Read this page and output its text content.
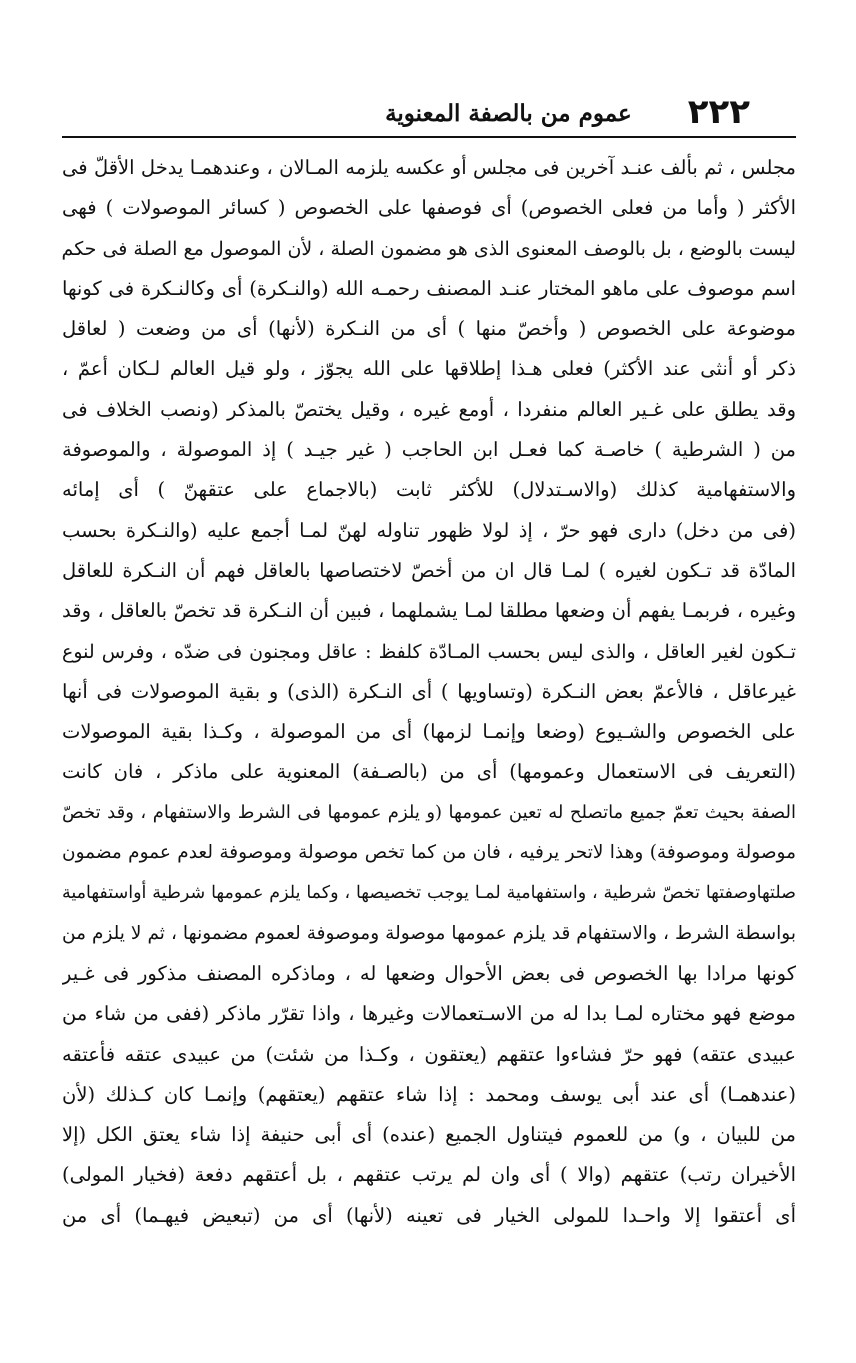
٢٢٢
عموم من بالصفة المعنوية
مجلس ، ثم بألف عنـد آخرين فى مجلس أو عكسه يلزمه المـالان ، وعندهمـا يدخل الأقلّ فى
الأكثر ( وأما من فعلى الخصوص) أى فوصفها على الخصوص ( كسائر الموصولات ) فهى
ليست بالوضع ، بل بالوصف المعنوى الذى هو مضمون الصلة ، لأن الموصول مع الصلة فى حكم
اسم موصوف على ماهو المختار عنـد المصنف رحمـه الله (والنـكرة) أى وكالنـكرة فى كونها
موضوعة على الخصوص ( وأخصّ منها ) أى من النـكرة (لأنها) أى من وضعت ( لعاقل
ذكر أو أنثى عند الأكثر) فعلى هـذا إطلاقها على الله يجوّز ، ولو قيل العالم لـكان أعمّ ،
وقد يطلق على غـير العالم منفردا ، أومع غيره ، وقيل يختصّ بالمذكر (ونصب الخلاف فى
من ( الشرطية ) خاصـة كما فعـل ابن الحاجب ( غير جيـد ) إذ الموصولة ، والموصوفة
والاستفهامية كذلك (والاسـتدلال) للأكثر ثابت (بالاجماع على عتقهنّ ) أى إمائه
(فى من دخل) دارى فهو حرّ ، إذ لولا ظهور تناوله لهنّ لمـا أجمع عليه (والنـكرة بحسب
المادّة قد تـكون لغيره ) لمـا قال ان من أخصّ لاختصاصها بالعاقل فهم أن النـكرة للعاقل
وغيره ، فربمـا يفهم أن وضعها مطلقا لمـا يشملهما ، فبين أن النـكرة قد تخصّ بالعاقل ، وقد
تـكون لغير العاقل ، والذى ليس بحسب المـادّة كلفظ : عاقل ومجنون فى ضدّه ، وفرس لنوع
غيرعاقل ، فالأعمّ بعض النـكرة (وتساويها ) أى النـكرة (الذى) و بقية الموصولات فى أنها
على الخصوص والشـيوع (وضعا وإنمـا لزمها) أى من الموصولة ، وكـذا بقية الموصولات
(التعريف فى الاستعمال وعمومها) أى من (بالصـفة) المعنوية على ماذكر ، فان كانت
الصفة بحيث تعمّ جميع ماتصلح له تعين عمومها (و يلزم عمومها فى الشرط والاستفهام ، وقد تخصّ
موصولة وموصوفة) وهذا لاتحر يرفيه ، فان من كما تخص موصولة وموصوفة لعدم عموم مضمون
صلتهاوصفتها تخصّ شرطية ، واستفهامية لمـا يوجب تخصيصها ، وكما يلزم عمومها شرطية أواستفهامية
بواسطة الشرط ، والاستفهام قد يلزم عمومها موصولة وموصوفة لعموم مضمونها ، ثم لا يلزم من
كونها مرادا بها الخصوص فى بعض الأحوال وضعها له ، وماذكره المصنف مذكور فى غـير
موضع فهو مختاره لمـا بدا له من الاسـتعمالات وغيرها ، واذا تقرّر ماذكر (ففى من شاء من
عبيدى عتقه) فهو حرّ فشاءوا عتقهم (يعتقون ، وكـذا من شئت) من عبيدى عتقه فأعتقه
(عندهمـا) أى عند أبى يوسف ومحمد : إذا شاء عتقهم (يعتقهم) وإنمـا كان كـذلك (لأن
من للبيان ، و) من للعموم فيتناول الجميع (عنده) أى أبى حنيفة إذا شاء يعتق الكل (إلا
الأخيران رتب) عتقهم (والا ) أى وان لم يرتب عتقهم ، بل أعتقهم دفعة (فخيار المولى)
أى أعتقوا إلا واحـدا للمولى الخيار فى تعينه (لأنها) أى من (تبعيض فيهـما) أى من
